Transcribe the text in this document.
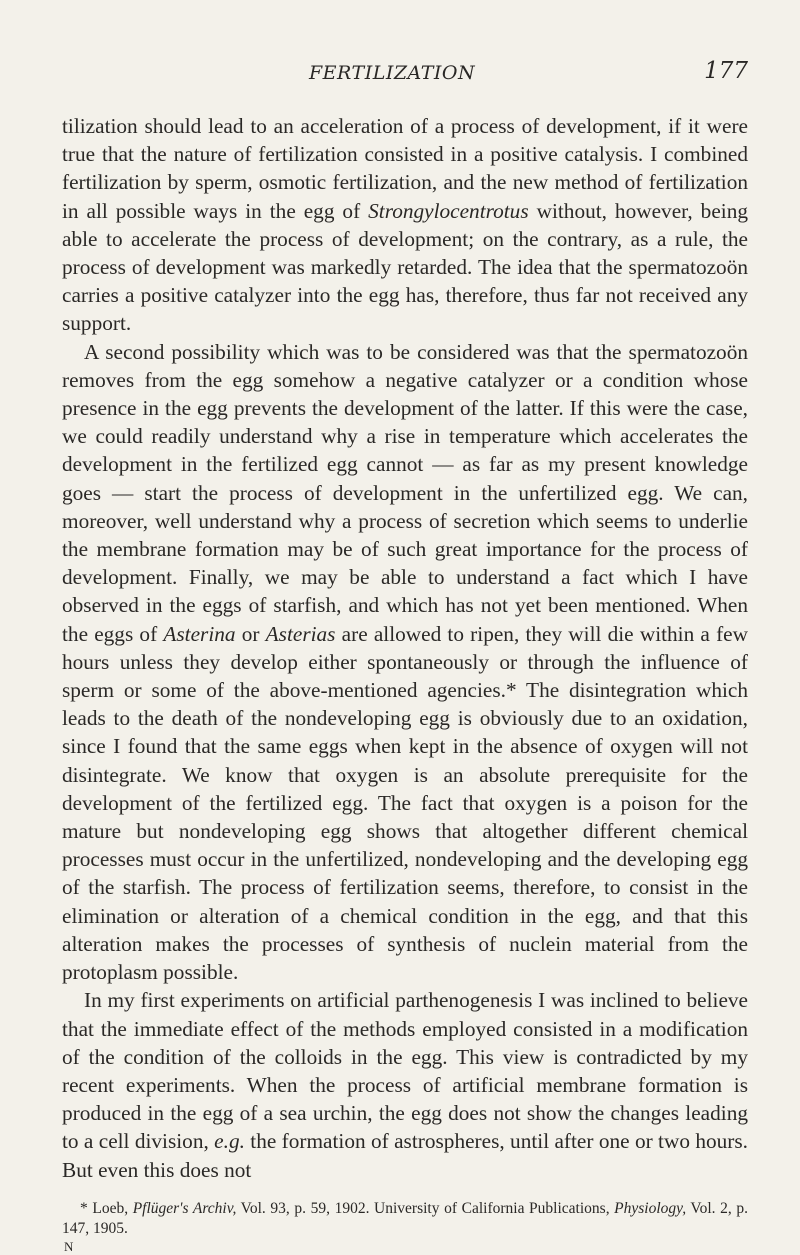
FERTILIZATION	177

tilization should lead to an acceleration of a process of development, if it were true that the nature of fertilization consisted in a positive catalysis. I combined fertilization by sperm, osmotic fertilization, and the new method of fertilization in all possible ways in the egg of Strongylocentrotus without, however, being able to accelerate the process of development; on the contrary, as a rule, the process of development was markedly retarded. The idea that the spermatozoön carries a positive catalyzer into the egg has, therefore, thus far not received any support.

A second possibility which was to be considered was that the spermatozoön removes from the egg somehow a negative catalyzer or a condition whose presence in the egg prevents the development of the latter. If this were the case, we could readily understand why a rise in temperature which accelerates the development in the fertilized egg cannot — as far as my present knowledge goes — start the process of development in the unfertilized egg. We can, moreover, well understand why a process of secretion which seems to underlie the membrane formation may be of such great importance for the process of development. Finally, we may be able to understand a fact which I have observed in the eggs of starfish, and which has not yet been mentioned. When the eggs of Asterina or Asterias are allowed to ripen, they will die within a few hours unless they develop either spontaneously or through the influence of sperm or some of the above-mentioned agencies.* The disintegration which leads to the death of the nondeveloping egg is obviously due to an oxidation, since I found that the same eggs when kept in the absence of oxygen will not disintegrate. We know that oxygen is an absolute prerequisite for the development of the fertilized egg. The fact that oxygen is a poison for the mature but nondeveloping egg shows that altogether different chemical processes must occur in the unfertilized, nondeveloping and the developing egg of the starfish. The process of fertilization seems, therefore, to consist in the elimination or alteration of a chemical condition in the egg, and that this alteration makes the processes of synthesis of nuclein material from the protoplasm possible.

In my first experiments on artificial parthenogenesis I was inclined to believe that the immediate effect of the methods employed consisted in a modification of the condition of the colloids in the egg. This view is contradicted by my recent experiments. When the process of artificial membrane formation is produced in the egg of a sea urchin, the egg does not show the changes leading to a cell division, e.g. the formation of astrospheres, until after one or two hours. But even this does not

* Loeb, Pflüger's Archiv, Vol. 93, p. 59, 1902. University of California Publications, Physiology, Vol. 2, p. 147, 1905.

N
